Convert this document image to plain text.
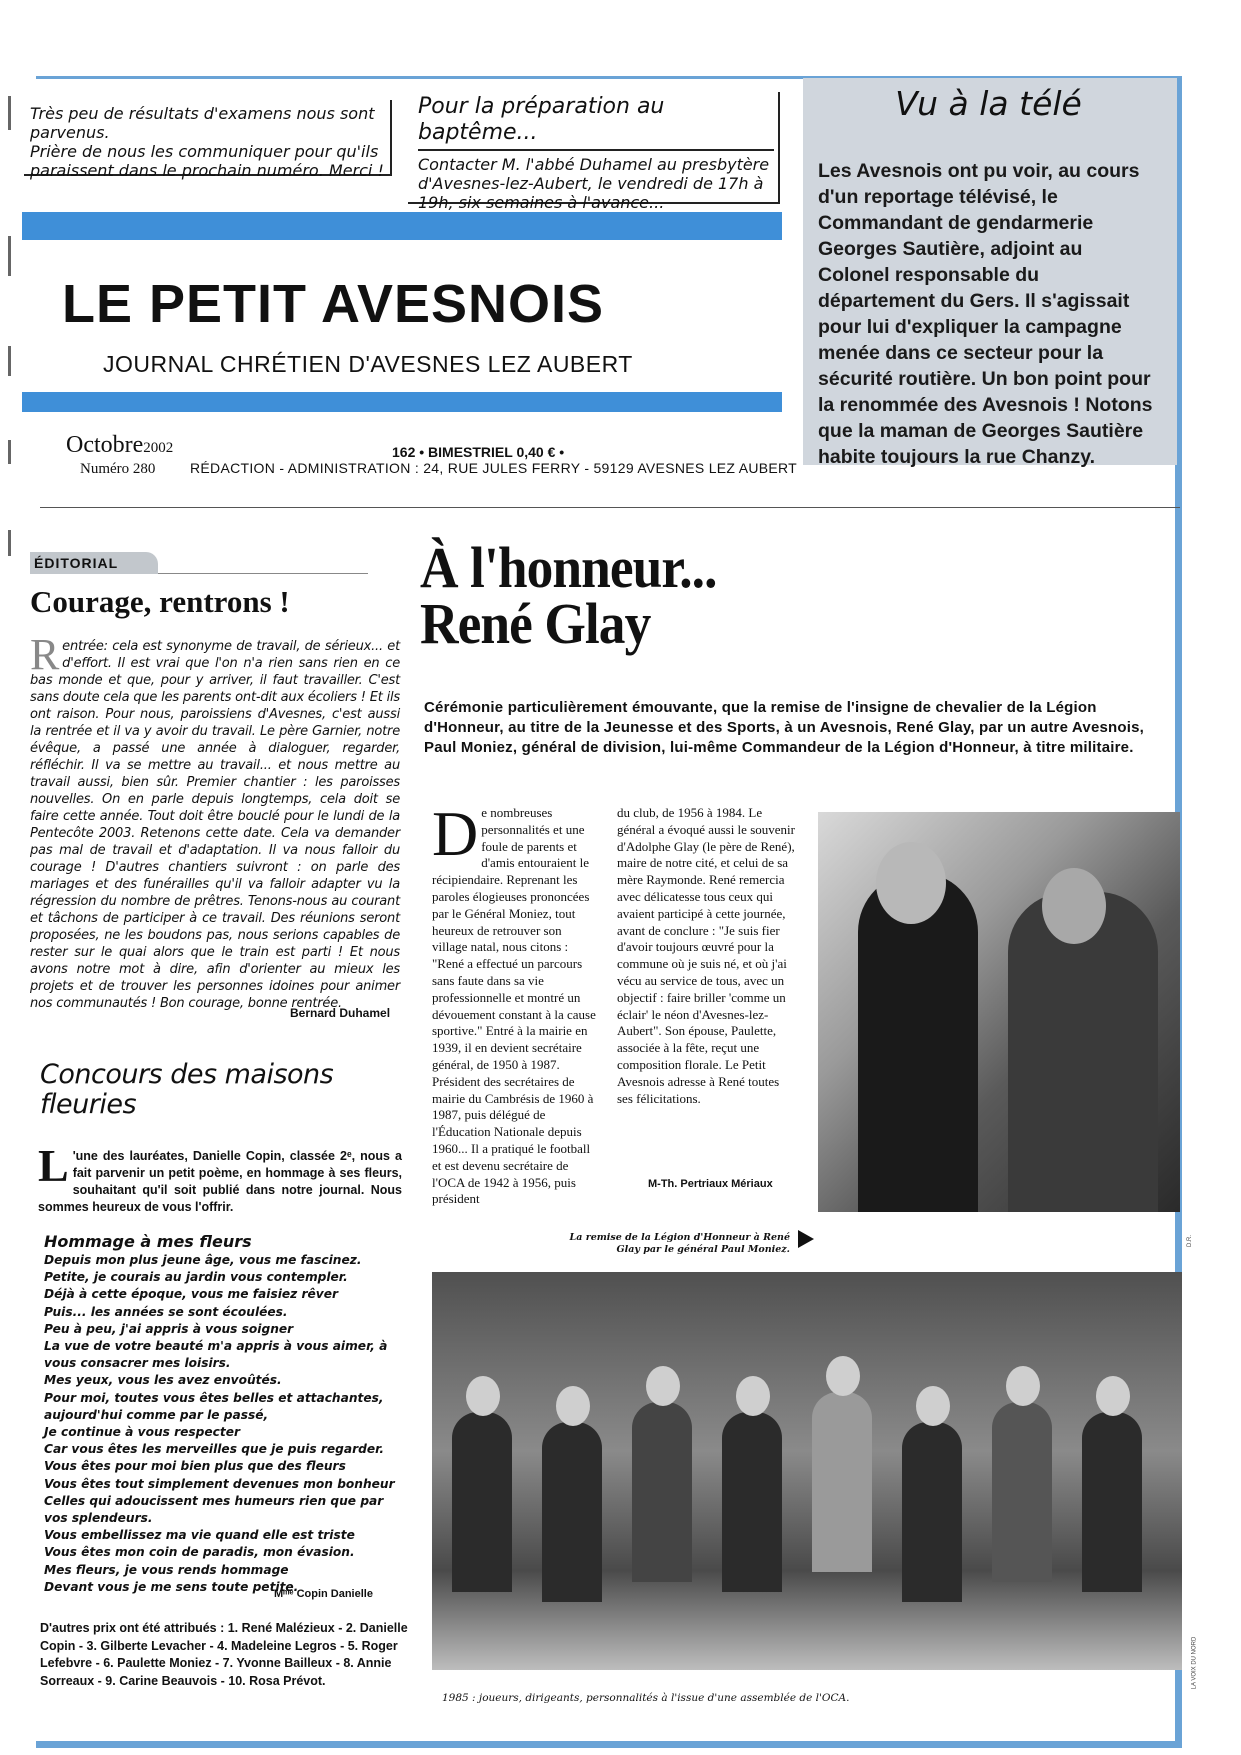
Très peu de résultats d'examens nous sont parvenus.
Prière de nous les communiquer pour qu'ils paraissent dans le prochain numéro. Merci !
Pour la préparation au baptême...
Contacter M. l'abbé Duhamel au presbytère d'Avesnes-lez-Aubert, le vendredi de 17h à 19h, six semaines à l'avance...
Vu à la télé
Les Avesnois ont pu voir, au cours d'un reportage télévisé, le Commandant de gendarmerie Georges Sautière, adjoint au Colonel responsable du département du Gers. Il s'agissait pour lui d'expliquer la campagne menée dans ce secteur pour la sécurité routière. Un bon point pour la renommée des Avesnois ! Notons que la maman de Georges Sautière habite toujours la rue Chanzy.
LE PETIT AVESNOIS
JOURNAL CHRÉTIEN D'AVESNES LEZ AUBERT
Octobre2002
Numéro 280
162 • BIMESTRIEL 0,40 € •
RÉDACTION - ADMINISTRATION : 24, RUE JULES FERRY - 59129 AVESNES LEZ AUBERT
ÉDITORIAL
Courage, rentrons !
Rentrée: cela est synonyme de travail, de sérieux... et d'effort. Il est vrai que l'on n'a rien sans rien en ce bas monde et que, pour y arriver, il faut travailler. C'est sans doute cela que les parents ont-dit aux écoliers ! Et ils ont raison. Pour nous, paroissiens d'Avesnes, c'est aussi la rentrée et il va y avoir du travail. Le père Garnier, notre évêque, a passé une année à dialoguer, regarder, réfléchir. Il va se mettre au travail... et nous mettre au travail aussi, bien sûr. Premier chantier : les paroisses nouvelles. On en parle depuis longtemps, cela doit se faire cette année. Tout doit être bouclé pour le lundi de la Pentecôte 2003. Retenons cette date. Cela va demander pas mal de travail et d'adaptation. Il va nous falloir du courage ! D'autres chantiers suivront : on parle des mariages et des funérailles qu'il va falloir adapter vu la régression du nombre de prêtres. Tenons-nous au courant et tâchons de participer à ce travail. Des réunions seront proposées, ne les boudons pas, nous serions capables de rester sur le quai alors que le train est parti ! Et nous avons notre mot à dire, afin d'orienter au mieux les projets et de trouver les personnes idoines pour animer nos communautés ! Bon courage, bonne rentrée.
Bernard Duhamel
Concours des maisons fleuries
L 'une des lauréates, Danielle Copin, classée 2ᵉ, nous a fait parvenir un petit poème, en hommage à ses fleurs, souhaitant qu'il soit publié dans notre journal. Nous sommes heureux de vous l'offrir.
Hommage à mes fleurs
Depuis mon plus jeune âge, vous me fascinez.
Petite, je courais au jardin vous contempler.
Déjà à cette époque, vous me faisiez rêver
Puis... les années se sont écoulées.
Peu à peu, j'ai appris à vous soigner
La vue de votre beauté m'a appris à vous aimer, à vous consacrer mes loisirs.
Mes yeux, vous les avez envoûtés.
Pour moi, toutes vous êtes belles et attachantes, aujourd'hui comme par le passé,
Je continue à vous respecter
Car vous êtes les merveilles que je puis regarder.
Vous êtes pour moi bien plus que des fleurs
Vous êtes tout simplement devenues mon bonheur
Celles qui adoucissent mes humeurs rien que par vos splendeurs.
Vous embellissez ma vie quand elle est triste
Vous êtes mon coin de paradis, mon évasion.
Mes fleurs, je vous rends hommage
Devant vous je me sens toute petite.
Mᵐᵉ Copin Danielle
D'autres prix ont été attribués : 1. René Malézieux - 2. Danielle Copin - 3. Gilberte Levacher - 4. Madeleine Legros - 5. Roger Lefebvre - 6. Paulette Moniez - 7. Yvonne Bailleux - 8. Annie Sorreaux - 9. Carine Beauvois - 10. Rosa Prévot.
À l'honneur...
René Glay
Cérémonie particulièrement émouvante, que la remise de l'insigne de chevalier de la Légion d'Honneur, au titre de la Jeunesse et des Sports, à un Avesnois, René Glay, par un autre Avesnois, Paul Moniez, général de division, lui-même Commandeur de la Légion d'Honneur, à titre militaire.
De nombreuses personnalités et une foule de parents et d'amis entouraient le récipiendaire. Reprenant les paroles élogieuses prononcées par le Général Moniez, tout heureux de retrouver son village natal, nous citons : "René a effectué un parcours sans faute dans sa vie professionnelle et montré un dévouement constant à la cause sportive." Entré à la mairie en 1939, il en devient secrétaire général, de 1950 à 1987. Président des secrétaires de mairie du Cambrésis de 1960 à 1987, puis délégué de l'Éducation Nationale depuis 1960... Il a pratiqué le football et est devenu secrétaire de l'OCA de 1942 à 1956, puis président
du club, de 1956 à 1984. Le général a évoqué aussi le souvenir d'Adolphe Glay (le père de René), maire de notre cité, et celui de sa mère Raymonde. René remercia avec délicatesse tous ceux qui avaient participé à cette journée, avant de conclure : "Je suis fier d'avoir toujours œuvré pour la commune où je suis né, et où j'ai vécu au service de tous, avec un objectif : faire briller 'comme un éclair' le néon d'Avesnes-lez-Aubert". Son épouse, Paulette, associée à la fête, reçut une composition florale. Le Petit Avesnois adresse à René toutes ses félicitations.
M-Th. Pertriaux Mériaux
La remise de la Légion d'Honneur à René Glay par le général Paul Moniez.
D.R.
1985 : joueurs, dirigeants, personnalités à l'issue d'une assemblée de l'OCA.
LA VOIX DU NORD
